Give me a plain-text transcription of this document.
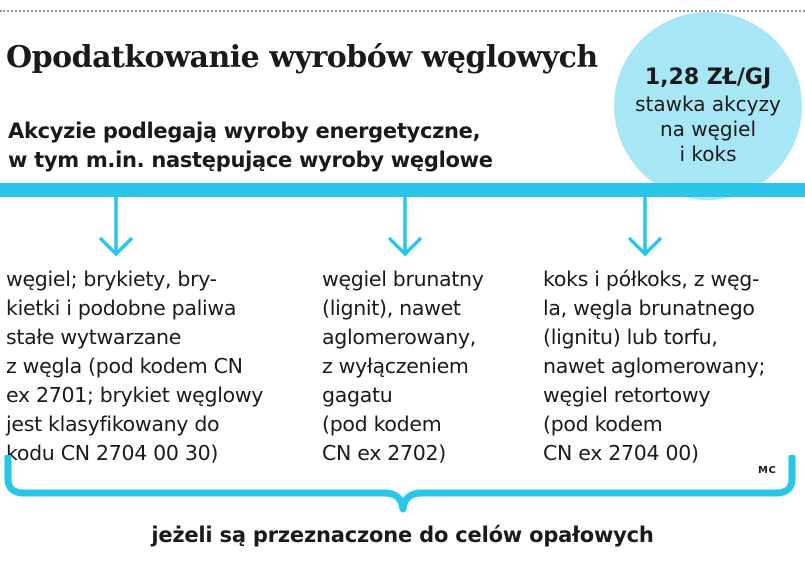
Opodatkowanie wyrobów węglowych
Akcyzie podlegają wyroby energetyczne,
w tym m.in. następujące wyroby węglowe
1,28 ZŁ/GJ
stawka akcyzy
na węgiel
i koks
węgiel; brykiety, bry-
kietki i podobne paliwa
stałe wytwarzane
z węgla (pod kodem CN
ex 2701; brykiet węglowy
jest klasyfikowany do
kodu CN 2704 00 30)
węgiel brunatny
(lignit), nawet
aglomerowany,
z wyłączeniem
gagatu
(pod kodem
CN ex 2702)
koks i półkoks, z węg-
la, węgla brunatnego
(lignitu) lub torfu,
nawet aglomerowany;
węgiel retortowy
(pod kodem
CN ex 2704 00)
MC
jeżeli są przeznaczone do celów opałowych
